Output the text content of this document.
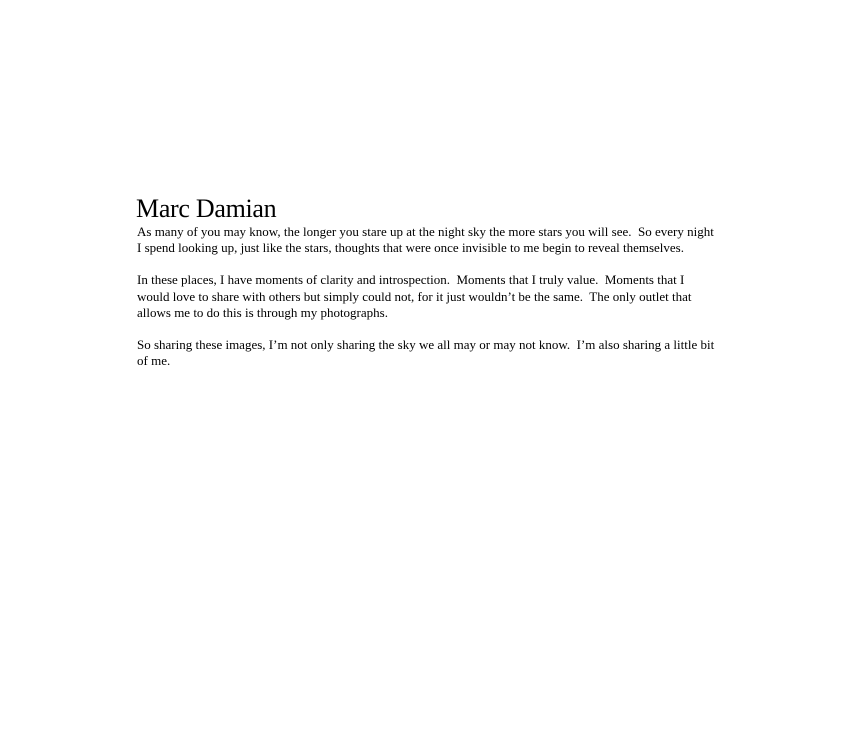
Marc Damian

As many of you may know, the longer you stare up at the night sky the more stars you will see.  So every night I spend looking up, just like the stars, thoughts that were once invisible to me begin to reveal themselves.

In these places, I have moments of clarity and introspection.  Moments that I truly value.  Moments that I would love to share with others but simply could not, for it just wouldn’t be the same.  The only outlet that allows me to do this is through my photographs.

So sharing these images, I’m not only sharing the sky we all may or may not know.  I’m also sharing a little bit of me.
